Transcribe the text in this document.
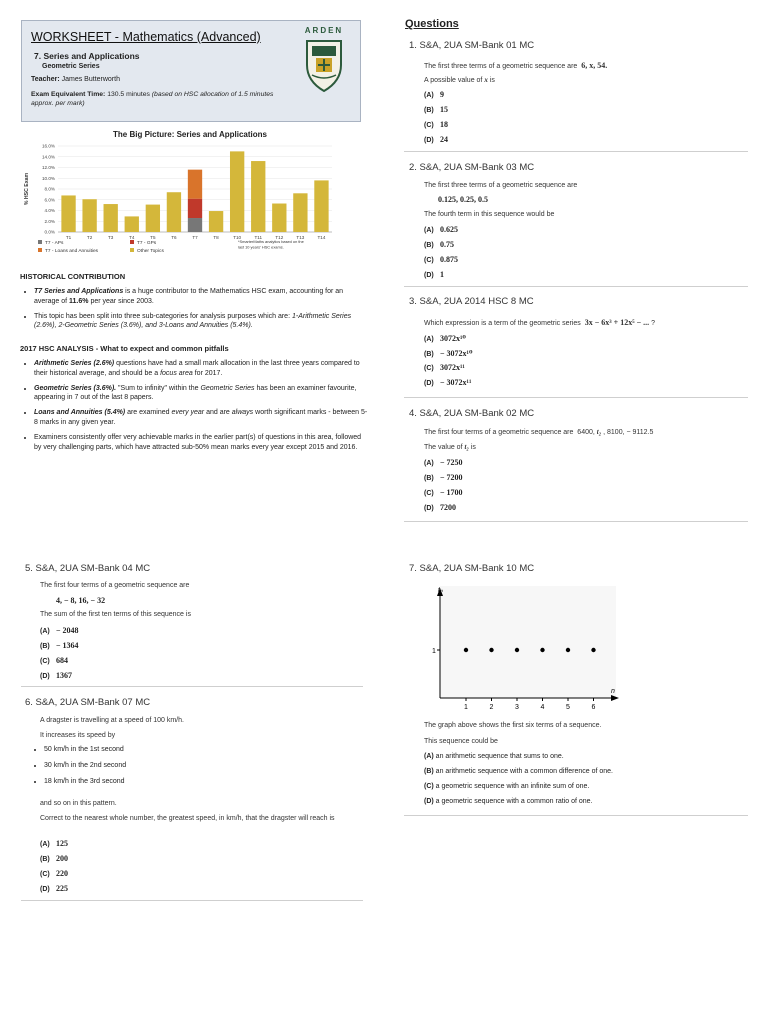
WORKSHEET - Mathematics (Advanced)
7. Series and Applications
Geometric Series
Teacher: James Butterworth
Exam Equivalent Time: 130.5 minutes (based on HSC allocation of 1.5 minutes approx. per mark)
ARDEN
The Big Picture: Series and Applications
0.0%
2.0%
4.0%
6.0%
8.0%
10.0%
12.0%
14.0%
16.0%
% HSC Exam
T1	T2	T3	T4	T5	T6	T7	T8	T10	T11	T12	T13	T14
T7 - APs	T7 - GPs
T7 - Loans and Annuities	Other Topics
*SmarterMaths analytics based on the
last 10 years' HSC exams.
HISTORICAL CONTRIBUTION
• T7 Series and Applications is a huge contributor to the Mathematics HSC exam, accounting for an average of 11.6% per year since 2003.
• This topic has been split into three sub-categories for analysis purposes which are: 1-Arithmetic Series (2.6%), 2-Geometric Series (3.6%), and 3-Loans and Annuities (5.4%).
2017 HSC ANALYSIS - What to expect and common pitfalls
• Arithmetic Series (2.6%) questions have had a small mark allocation in the last three years compared to their historical average, and should be a focus area for 2017.
• Geometric Series (3.6%). "Sum to infinity" within the Geometric Series has been an examiner favourite, appearing in 7 out of the last 8 papers.
• Loans and Annuities (5.4%) are examined every year and are always worth significant marks - between 5-8 marks in any given year.
• Examiners consistently offer very achievable marks in the earlier part(s) of questions in this area, followed by very challenging parts, which have attracted sub-50% mean marks every year except 2015 and 2016.
Questions
1. S&A, 2UA SM-Bank 01 MC
The first three terms of a geometric sequence are 6, x, 54.
A possible value of x is
(A) 9
(B) 15
(C) 18
(D) 24
2. S&A, 2UA SM-Bank 03 MC
The first three terms of a geometric sequence are
0.125, 0.25, 0.5
The fourth term in this sequence would be
(A) 0.625
(B) 0.75
(C) 0.875
(D) 1
3. S&A, 2UA 2014 HSC 8 MC
Which expression is a term of the geometric series 3x − 6x³ + 12x⁵ − ... ?
(A) 3072x¹⁰
(B) − 3072x¹⁰
(C) 3072x¹¹
(D) − 3072x¹¹
4. S&A, 2UA SM-Bank 02 MC
The first four terms of a geometric sequence are 6400, t₂ , 8100, − 9112.5
The value of t₂ is
(A) − 7250
(B) − 7200
(C) − 1700
(D) 7200
5. S&A, 2UA SM-Bank 04 MC
The first four terms of a geometric sequence are
4, − 8, 16, − 32
The sum of the first ten terms of this sequence is
(A) − 2048
(B) − 1364
(C) 684
(D) 1367
6. S&A, 2UA SM-Bank 07 MC
A dragster is travelling at a speed of 100 km/h.
It increases its speed by
• 50 km/h in the 1st second
• 30 km/h in the 2nd second
• 18 km/h in the 3rd second
and so on in this pattern.
Correct to the nearest whole number, the greatest speed, in km/h, that the dragster will reach is
(A) 125
(B) 200
(C) 220
(D) 225
7. S&A, 2UA SM-Bank 10 MC
tₙ
n
1
1	2	3	4	5	6
The graph above shows the first six terms of a sequence.
This sequence could be
(A) an arithmetic sequence that sums to one.
(B) an arithmetic sequence with a common difference of one.
(C) a geometric sequence with an infinite sum of one.
(D) a geometric sequence with a common ratio of one.
